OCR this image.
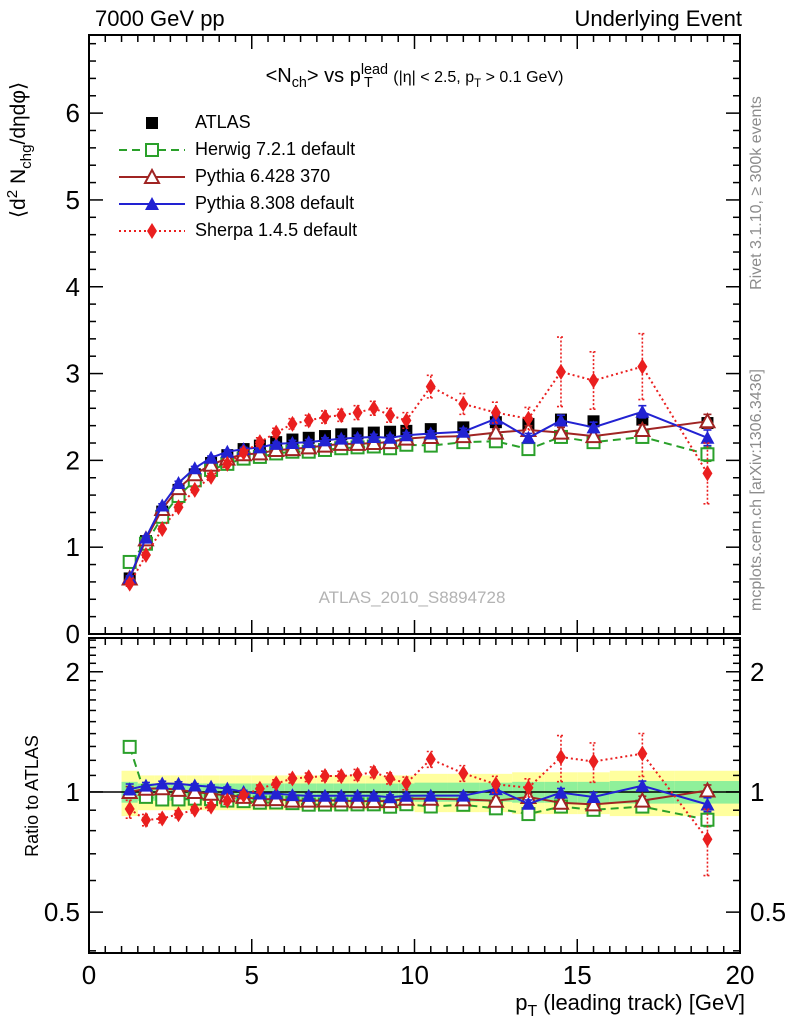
0	5	10	15	20
0
1
2
3
4
5
6
0.5	0.5
1	1
2	2
$<N_{ch}>$ vs $p^{lead}$ T $^{(|\eta| < 2.5, p}_T$ $^{> 0.1 GeV)}$
$⟨d^2$ $N_{chg}/d\eta d\varphi⟩$
$p_T$ (leading track) [GeV]
Ratio to ATLAS
7000 GeV pp	Underlying Event
Rivet 3.1.10, ≥ 300k events
mcplots.cern.ch [arXiv:1306.3436]
ATLAS_2010_S8894728
ATLAS
Herwig 7.2.1 default
Pythia 6.428 370
Pythia 8.308 default
Sherpa 1.4.5 default
